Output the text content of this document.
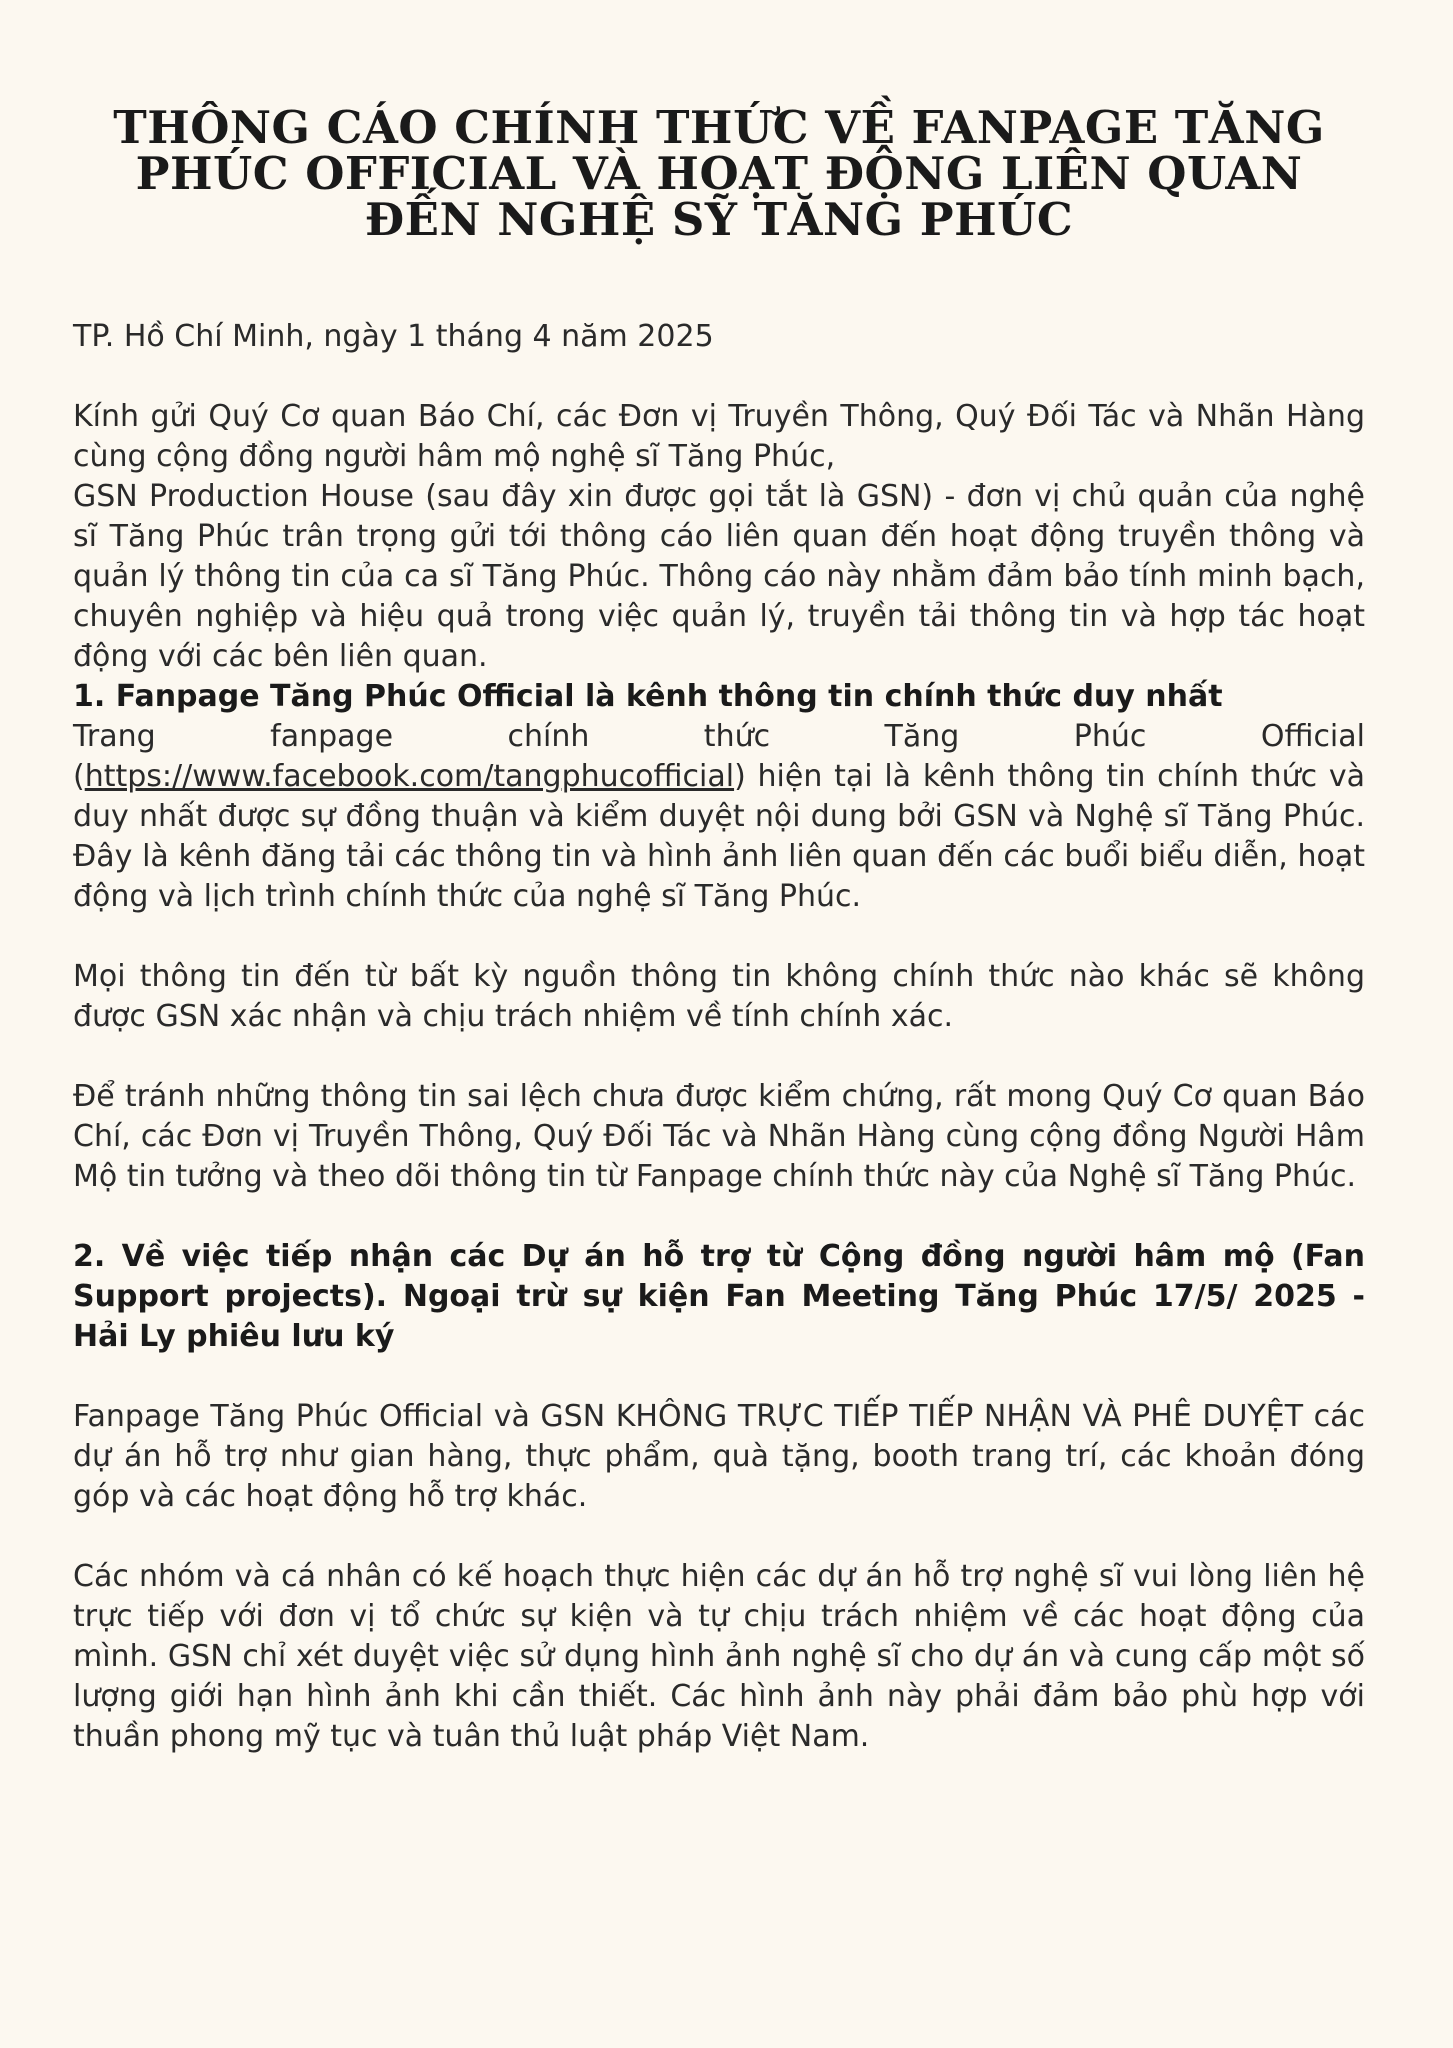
THÔNG CÁO CHÍNH THỨC VỀ FANPAGE TĂNG PHÚC OFFICIAL VÀ HOẠT ĐỘNG LIÊN QUAN ĐẾN NGHỆ SỸ TĂNG PHÚC

TP. Hồ Chí Minh, ngày 1 tháng 4 năm 2025

Kính gửi Quý Cơ quan Báo Chí, các Đơn vị Truyền Thông, Quý Đối Tác và Nhãn Hàng cùng cộng đồng người hâm mộ nghệ sĩ Tăng Phúc,

GSN Production House (sau đây xin được gọi tắt là GSN) - đơn vị chủ quản của nghệ sĩ Tăng Phúc trân trọng gửi tới thông cáo liên quan đến hoạt động truyền thông và quản lý thông tin của ca sĩ Tăng Phúc. Thông cáo này nhằm đảm bảo tính minh bạch, chuyên nghiệp và hiệu quả trong việc quản lý, truyền tải thông tin và hợp tác hoạt động với các bên liên quan.

1. Fanpage Tăng Phúc Official là kênh thông tin chính thức duy nhất

Trang fanpage chính thức Tăng Phúc Official (https://www.facebook.com/tangphucofficial) hiện tại là kênh thông tin chính thức và duy nhất được sự đồng thuận và kiểm duyệt nội dung bởi GSN và Nghệ sĩ Tăng Phúc. Đây là kênh đăng tải các thông tin và hình ảnh liên quan đến các buổi biểu diễn, hoạt động và lịch trình chính thức của nghệ sĩ Tăng Phúc.

Mọi thông tin đến từ bất kỳ nguồn thông tin không chính thức nào khác sẽ không được GSN xác nhận và chịu trách nhiệm về tính chính xác.

Để tránh những thông tin sai lệch chưa được kiểm chứng, rất mong Quý Cơ quan Báo Chí, các Đơn vị Truyền Thông, Quý Đối Tác và Nhãn Hàng cùng cộng đồng Người Hâm Mộ tin tưởng và theo dõi thông tin từ Fanpage chính thức này của Nghệ sĩ Tăng Phúc.

2. Về việc tiếp nhận các Dự án hỗ trợ từ Cộng đồng người hâm mộ (Fan Support projects). Ngoại trừ sự kiện Fan Meeting Tăng Phúc 17/5/ 2025 - Hải Ly phiêu lưu ký

Fanpage Tăng Phúc Official và GSN KHÔNG TRỰC TIẾP TIẾP NHẬN VÀ PHÊ DUYỆT các dự án hỗ trợ như gian hàng, thực phẩm, quà tặng, booth trang trí, các khoản đóng góp và các hoạt động hỗ trợ khác.

Các nhóm và cá nhân có kế hoạch thực hiện các dự án hỗ trợ nghệ sĩ vui lòng liên hệ trực tiếp với đơn vị tổ chức sự kiện và tự chịu trách nhiệm về các hoạt động của mình. GSN chỉ xét duyệt việc sử dụng hình ảnh nghệ sĩ cho dự án và cung cấp một số lượng giới hạn hình ảnh khi cần thiết. Các hình ảnh này phải đảm bảo phù hợp với thuần phong mỹ tục và tuân thủ luật pháp Việt Nam.
